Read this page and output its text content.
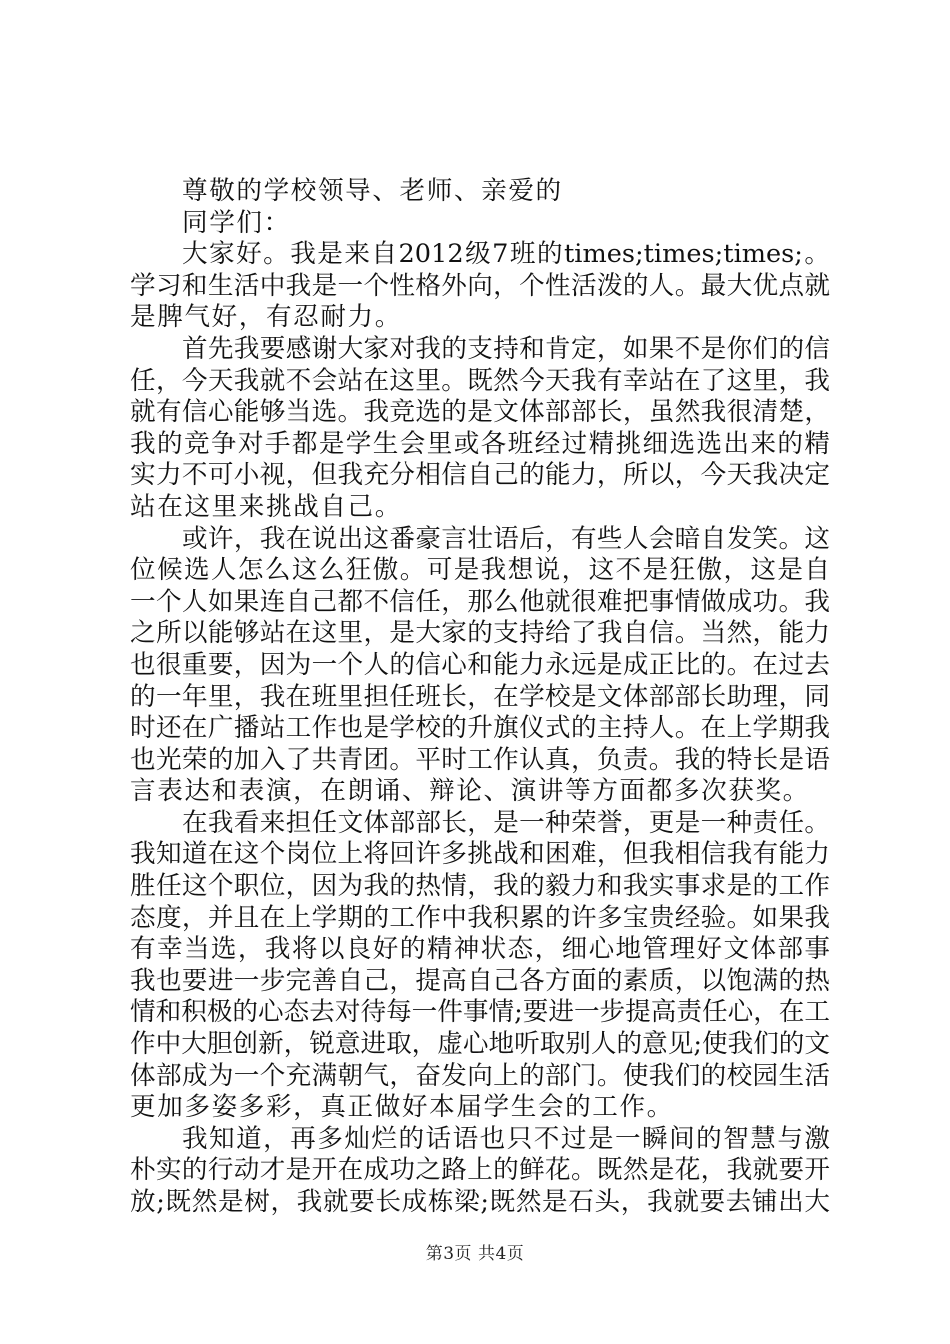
尊敬的学校领导、老师、亲爱的
同学们：
大家好。我是来自2012级7班的times;times;times;。
学习和生活中我是一个性格外向，个性活泼的人。最大优点就
是脾气好，有忍耐力。
首先我要感谢大家对我的支持和肯定，如果不是你们的信
任，今天我就不会站在这里。既然今天我有幸站在了这里，我
就有信心能够当选。我竞选的是文体部部长，虽然我很清楚，
我的竞争对手都是学生会里或各班经过精挑细选选出来的精
实力不可小视，但我充分相信自己的能力，所以，今天我决定
站在这里来挑战自己。
或许，我在说出这番豪言壮语后，有些人会暗自发笑。这
位候选人怎么这么狂傲。可是我想说，这不是狂傲，这是自
一个人如果连自己都不信任，那么他就很难把事情做成功。我
之所以能够站在这里，是大家的支持给了我自信。当然，能力
也很重要，因为一个人的信心和能力永远是成正比的。在过去
的一年里，我在班里担任班长，在学校是文体部部长助理，同
时还在广播站工作也是学校的升旗仪式的主持人。在上学期我
也光荣的加入了共青团。平时工作认真，负责。我的特长是语
言表达和表演，在朗诵、辩论、演讲等方面都多次获奖。
在我看来担任文体部部长，是一种荣誉，更是一种责任。
我知道在这个岗位上将回许多挑战和困难，但我相信我有能力
胜任这个职位，因为我的热情，我的毅力和我实事求是的工作
态度，并且在上学期的工作中我积累的许多宝贵经验。如果我
有幸当选，我将以良好的精神状态，细心地管理好文体部事
我也要进一步完善自己，提高自己各方面的素质，以饱满的热
情和积极的心态去对待每一件事情;要进一步提高责任心，在工
作中大胆创新，锐意进取，虚心地听取别人的意见;使我们的文
体部成为一个充满朝气，奋发向上的部门。使我们的校园生活
更加多姿多彩，真正做好本届学生会的工作。
我知道，再多灿烂的话语也只不过是一瞬间的智慧与激
朴实的行动才是开在成功之路上的鲜花。既然是花，我就要开
放;既然是树，我就要长成栋梁;既然是石头，我就要去铺出大
第3页 共4页
